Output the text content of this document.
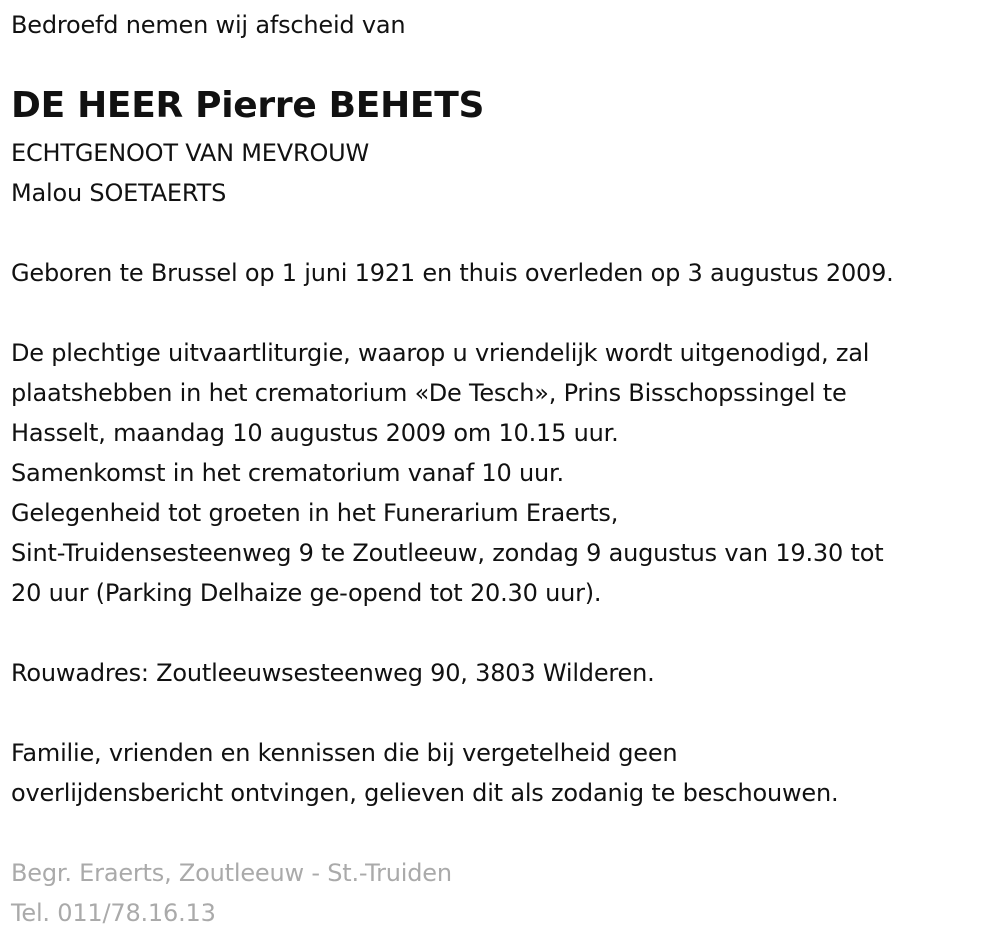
Bedroefd nemen wij afscheid van
DE HEER Pierre BEHETS
ECHTGENOOT VAN MEVROUW
Malou SOETAERTS
Geboren te Brussel op 1 juni 1921 en thuis overleden op 3 augustus 2009.
De plechtige uitvaartliturgie, waarop u vriendelijk wordt uitgenodigd, zal
plaatshebben in het crematorium «De Tesch», Prins Bisschopssingel te
Hasselt, maandag 10 augustus 2009 om 10.15 uur.
Samenkomst in het crematorium vanaf 10 uur.
Gelegenheid tot groeten in het Funerarium Eraerts,
Sint-Truidensesteenweg 9 te Zoutleeuw, zondag 9 augustus van 19.30 tot
20 uur (Parking Delhaize ge-opend tot 20.30 uur).
Rouwadres: Zoutleeuwsesteenweg 90, 3803 Wilderen.
Familie, vrienden en kennissen die bij vergetelheid geen
overlijdensbericht ontvingen, gelieven dit als zodanig te beschouwen.
Begr. Eraerts, Zoutleeuw - St.-Truiden
Tel. 011/78.16.13
